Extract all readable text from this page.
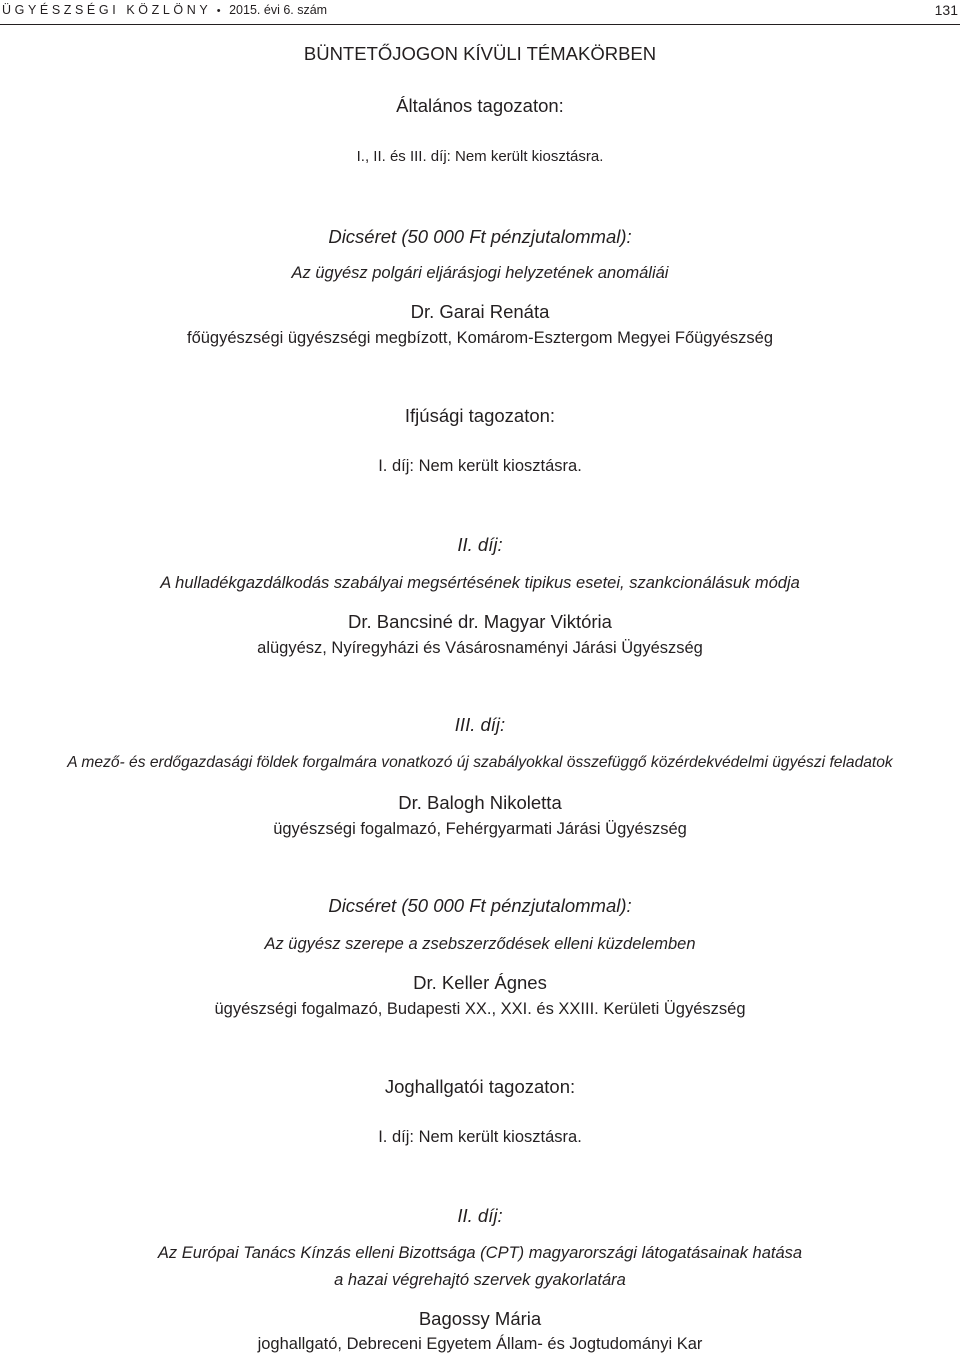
ÜGYÉSZSÉGI KÖZLÖNY • 2015. évi 6. szám	131
BÜNTETŐJOGON KÍVÜLI TÉMAKÖRBEN
Általános tagozaton:
I., II. és III. díj: Nem került kiosztásra.
Dicséret (50 000 Ft pénzjutalommal):
Az ügyész polgári eljárásjogi helyzetének anomáliái
Dr. Garai Renáta
főügyészségi ügyészségi megbízott, Komárom-Esztergom Megyei Főügyészség
Ifjúsági tagozaton:
I. díj: Nem került kiosztásra.
II. díj:
A hulladékgazdálkodás szabályai megsértésének tipikus esetei, szankcionálásuk módja
Dr. Bancsiné dr. Magyar Viktória
alügyész, Nyíregyházi és Vásárosnaményi Járási Ügyészség
III. díj:
A mező- és erdőgazdasági földek forgalmára vonatkozó új szabályokkal összefüggő közérdekvédelmi ügyészi feladatok
Dr. Balogh Nikoletta
ügyészségi fogalmazó, Fehérgyarmati Járási Ügyészség
Dicséret (50 000 Ft pénzjutalommal):
Az ügyész szerepe a zsebszerződések elleni küzdelemben
Dr. Keller Ágnes
ügyészségi fogalmazó, Budapesti XX., XXI. és XXIII. Kerületi Ügyészség
Joghallgatói tagozaton:
I. díj: Nem került kiosztásra.
II. díj:
Az Európai Tanács Kínzás elleni Bizottsága (CPT) magyarországi látogatásainak hatása
a hazai végrehajtó szervek gyakorlatára
Bagossy Mária
joghallgató, Debreceni Egyetem Állam- és Jogtudományi Kar
